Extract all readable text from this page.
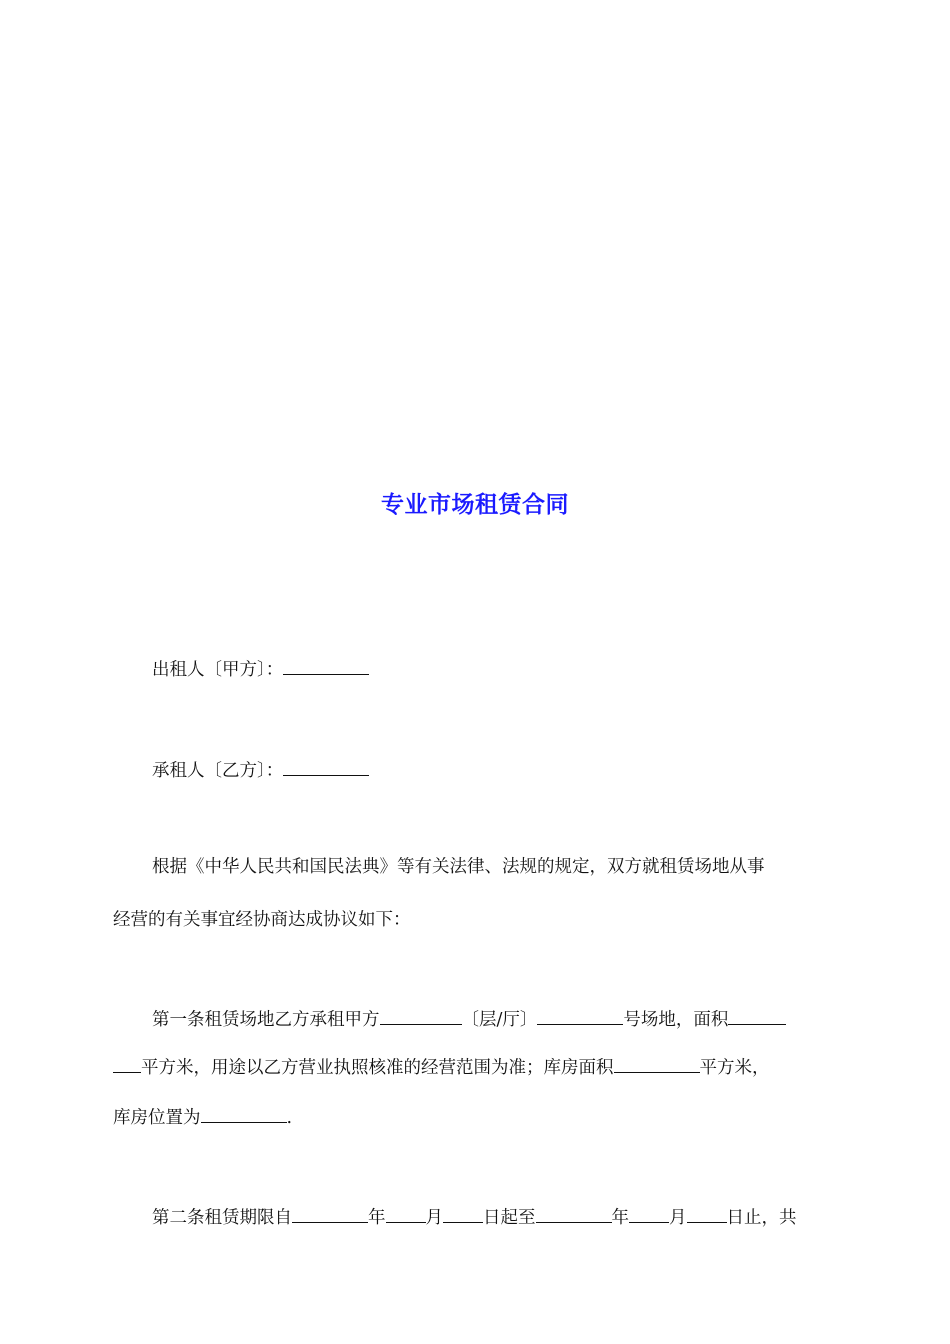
专业市场租赁合同
出租人〔甲方〕：
承租人〔乙方〕：
根据《中华人民共和国民法典》等有关法律、法规的规定，双方就租赁场地从事
经营的有关事宜经协商达成协议如下：
第一条租赁场地乙方承租甲方	〔层/厅〕	号场地，面积
平方米，用途以乙方营业执照核准的经营范围为准；库房面积	平方米，
库房位置为	.
第二条租赁期限自	年 月 日起至	年 月 日止，共
